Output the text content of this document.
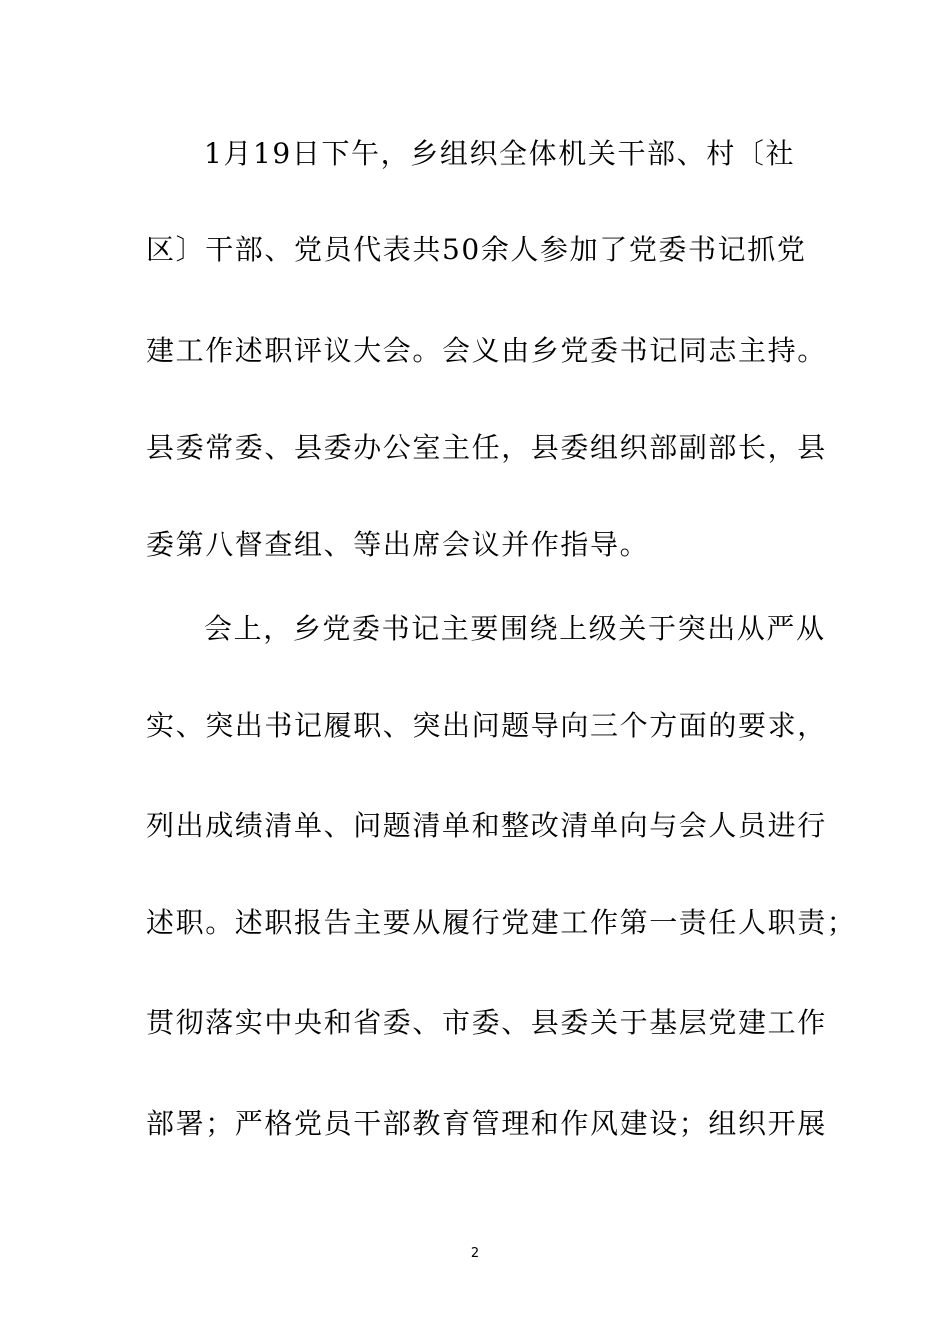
1月19日下午，乡组织全体机关干部、村〔社
区〕干部、党员代表共50余人参加了党委书记抓党
建工作述职评议大会。会义由乡党委书记同志主持。
县委常委、县委办公室主任，县委组织部副部长，县
委第八督查组、等出席会议并作指导。
会上，乡党委书记主要围绕上级关于突出从严从
实、突出书记履职、突出问题导向三个方面的要求，
列出成绩清单、问题清单和整改清单向与会人员进行
述职。述职报告主要从履行党建工作第一责任人职责；
贯彻落实中央和省委、市委、县委关于基层党建工作
部署；严格党员干部教育管理和作风建设；组织开展
2
